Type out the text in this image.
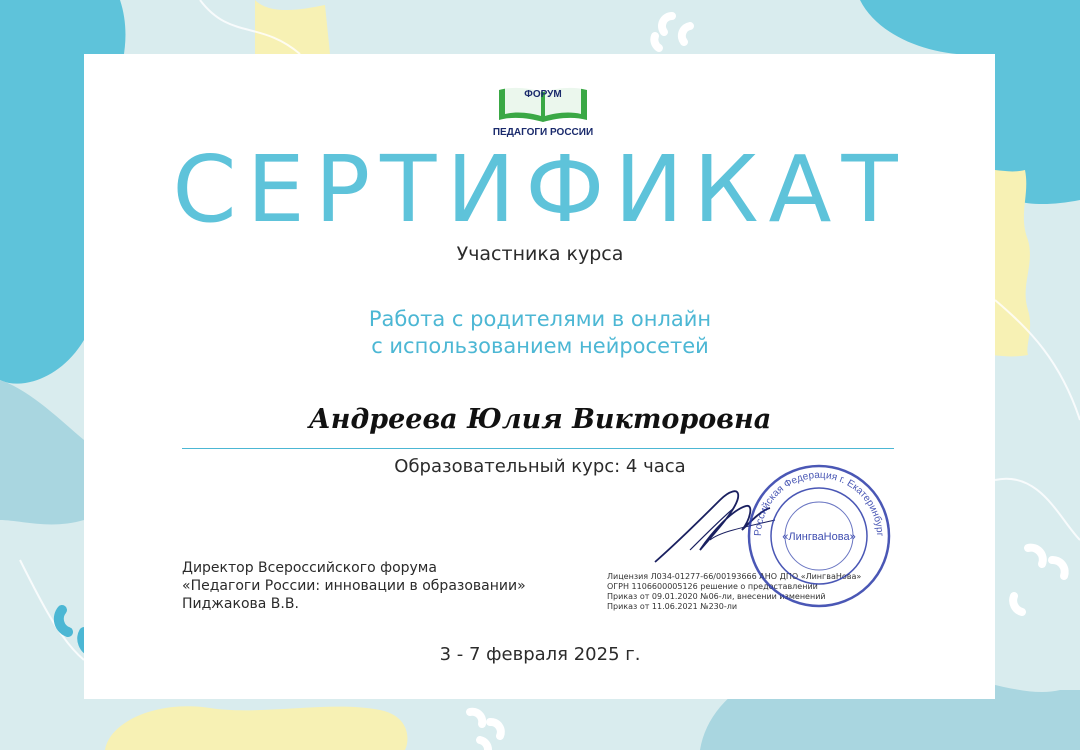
ФОРУМ
ПЕДАГОГИ РОССИИ
СЕРТИФИКАТ

Участника курса

Работа с родителями в онлайн
с использованием нейросетей

Андреева Юлия Викторовна

Образовательный курс: 4 часа

Директор Всероссийского форума
«Педагоги России: инновации в образовании»
Пиджакова В.В.
Лицензия Л034-01277-66/00193666 АНО ДПО «ЛингваНова»
ОГРН 1106600005126 решение о предоставлении
Приказ от 09.01.2020 №06-ли, внесении изменений
Приказ от 11.06.2021 №230-ли
Российская Федерация г. Екатеринбург
«ЛингваНова»

3 - 7 февраля 2025 г.
